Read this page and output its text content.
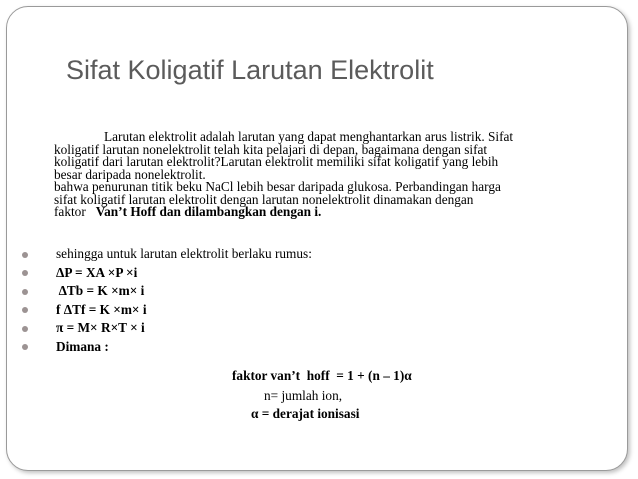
Sifat Koligatif Larutan Elektrolit

Larutan elektrolit adalah larutan yang dapat menghantarkan arus listrik. Sifat
koligatif larutan nonelektrolit telah kita pelajari di depan, bagaimana dengan sifat
koligatif dari larutan elektrolit?Larutan elektrolit memiliki sifat koligatif yang lebih
besar daripada nonelektrolit.
bahwa penurunan titik beku NaCl lebih besar daripada glukosa. Perbandingan harga
sifat koligatif larutan elektrolit dengan larutan nonelektrolit dinamakan dengan
faktor   Van’t Hoff dan dilambangkan dengan i.

sehingga untuk larutan elektrolit berlaku rumus:
ΔP = XA ×P ×i
ΔTb = K ×m× i
f ΔTf = K ×m× i
π = M× R×T × i
Dimana :

faktor van’t  hoff  = 1 + (n – 1)α

n= jumlah ion,

α = derajat ionisasi
